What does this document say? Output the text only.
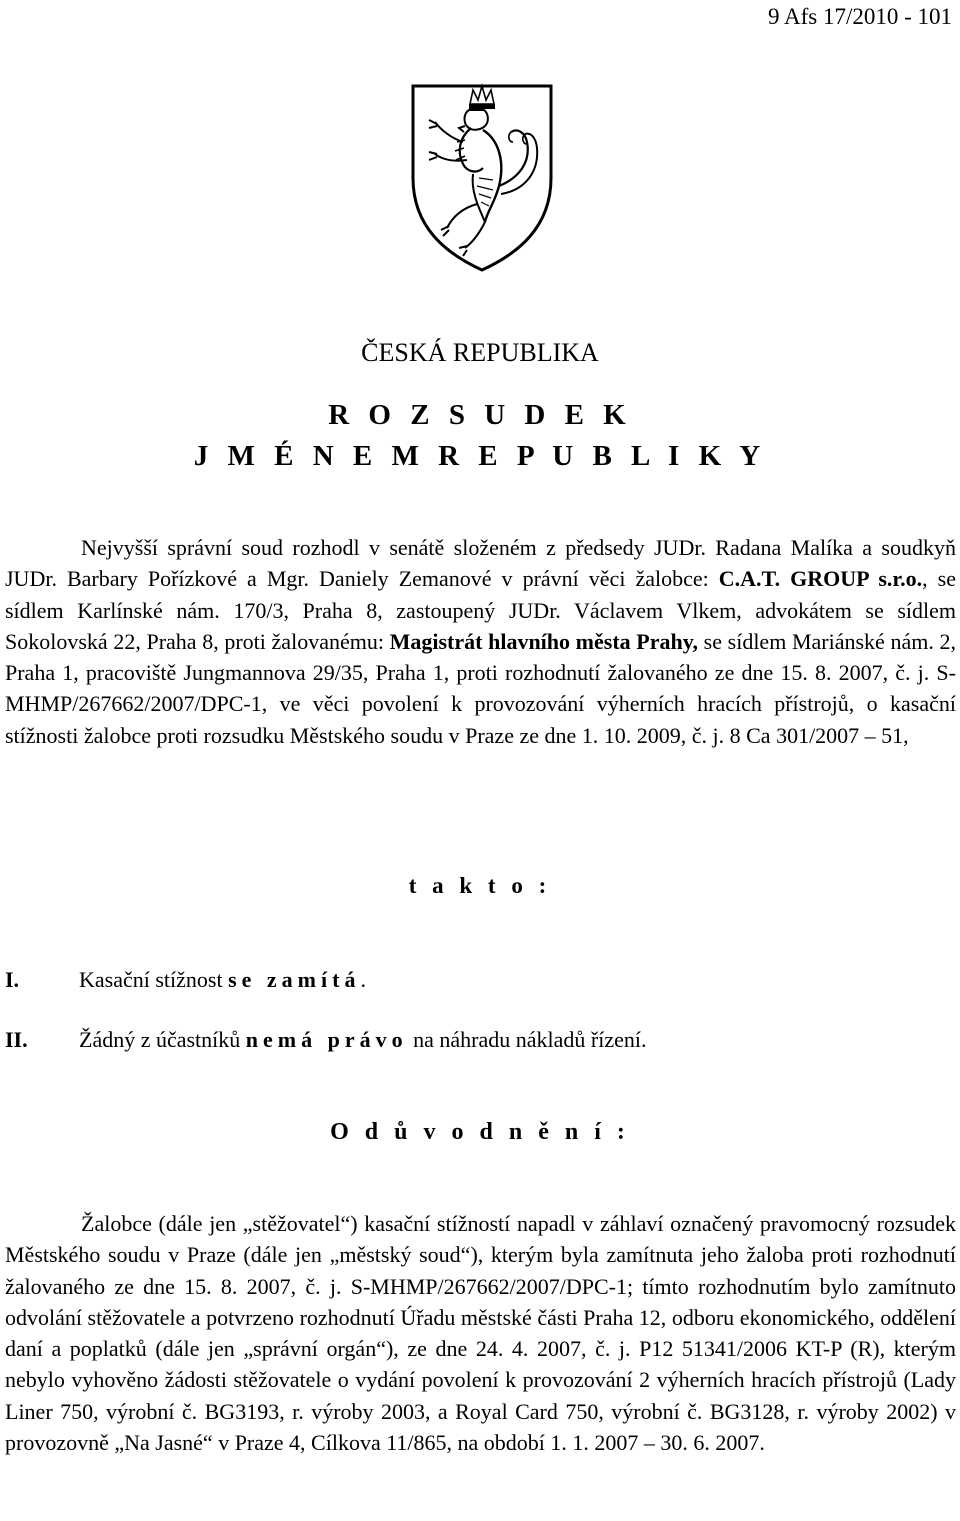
9 Afs 17/2010 - 101
ČESKÁ REPUBLIKA
R O Z S U D E K
J M É N E M R E P U B L I K Y

Nejvyšší správní soud rozhodl v senátě složeném z předsedy JUDr. Radana Malíka a soudkyň JUDr. Barbary Pořízkové a Mgr. Daniely Zemanové v právní věci žalobce: C.A.T. GROUP s.r.o., se sídlem Karlínské nám. 170/3, Praha 8, zastoupený JUDr. Václavem Vlkem, advokátem se sídlem Sokolovská 22, Praha 8, proti žalovanému: Magistrát hlavního města Prahy, se sídlem Mariánské nám. 2, Praha 1, pracoviště Jungmannova 29/35, Praha 1, proti rozhodnutí žalovaného ze dne 15. 8. 2007, č. j. S-MHMP/267662/2007/DPC-1, ve věci povolení k provozování výherních hracích přístrojů, o kasační stížnosti žalobce proti rozsudku Městského soudu v Praze ze dne 1. 10. 2009, č. j. 8 Ca 301/2007 – 51,

t a k t o :
I.	Kasační stížnost se zamítá.
II. Žádný z účastníků nemá právo na náhradu nákladů řízení.
O d ů v o d n ě n í :

Žalobce (dále jen „stěžovatel“) kasační stížností napadl v záhlaví označený pravomocný rozsudek Městského soudu v Praze (dále jen „městský soud“), kterým byla zamítnuta jeho žaloba proti rozhodnutí žalovaného ze dne 15. 8. 2007, č. j. S-MHMP/267662/2007/DPC-1; tímto rozhodnutím bylo zamítnuto odvolání stěžovatele a potvrzeno rozhodnutí Úřadu městské části Praha 12, odboru ekonomického, oddělení daní a poplatků (dále jen „správní orgán“), ze dne 24. 4. 2007, č. j. P12 51341/2006 KT-P (R), kterým nebylo vyhověno žádosti stěžovatele o vydání povolení k provozování 2 výherních hracích přístrojů (Lady Liner 750, výrobní č. BG3193, r. výroby 2003, a Royal Card 750, výrobní č. BG3128, r. výroby 2002) v provozovně „Na Jasné“ v Praze 4, Cílkova 11/865, na období 1. 1. 2007 – 30. 6. 2007.
